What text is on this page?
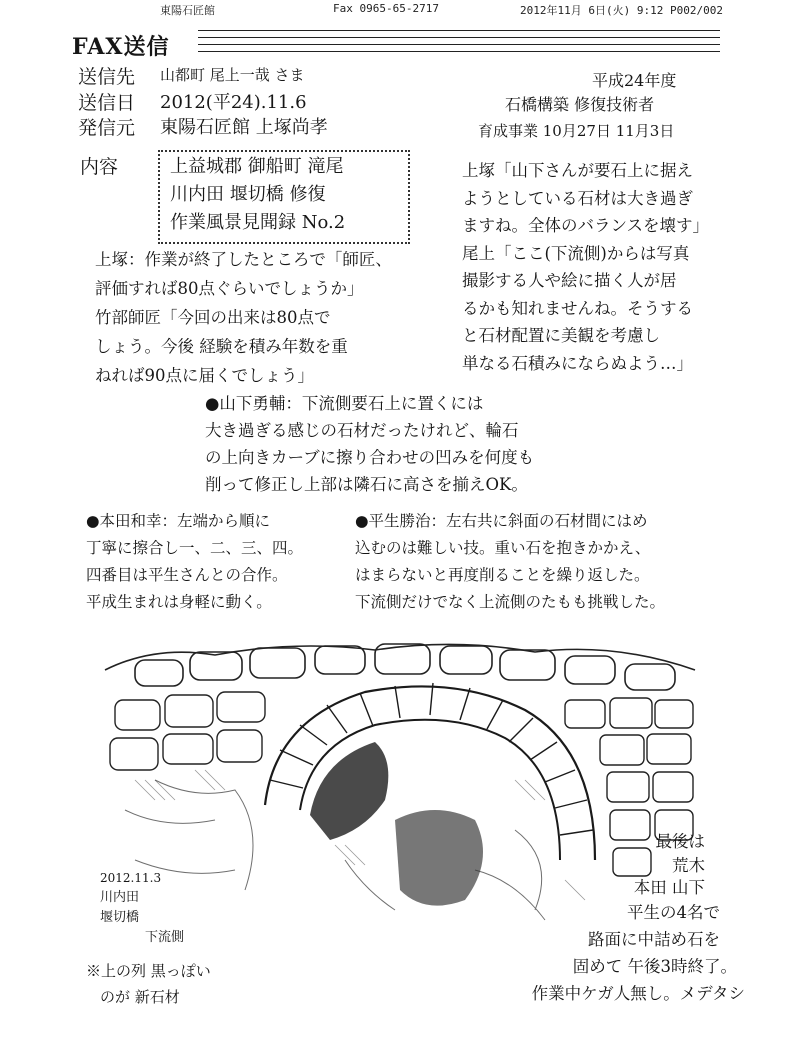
東陽石匠館	Fax 0965-65-2717	2012年11月 6日(火) 9:12 P002/002
FAX送信
送信先 山都町 尾上一哉 さま
送信日 2012(平24).11.6
発信元 東陽石匠館 上塚尚孝
平成24年度
石橋構築 修復技術者
育成事業 10月27日 11月3日
内容	上益城郡 御船町 滝尾
川内田 堰切橋 修復
作業風景見聞録 No.2
上塚：作業が終了したところで「師匠、
評価すれば80点ぐらいでしょうか」
竹部師匠「今回の出来は80点で
しょう。今後 経験を積み年数を重
ねれば90点に届くでしょう」
上塚「山下さんが要石上に据え
ようとしている石材は大き過ぎ
ますね。全体のバランスを壊す」
尾上「ここ(下流側)からは写真
撮影する人や絵に描く人が居
るかも知れませんね。そうする
と石材配置に美観を考慮し
単なる石積みにならぬよう…」
●山下勇輔：下流側要石上に置くには
大き過ぎる感じの石材だったけれど、輪石
の上向きカーブに擦り合わせの凹みを何度も
削って修正し上部は隣石に高さを揃えOK。
●本田和幸：左端から順に
丁寧に擦合し一、二、三、四。
四番目は平生さんとの合作。
平成生まれは身軽に動く。
●平生勝治：左右共に斜面の石材間にはめ
込むのは難しい技。重い石を抱きかかえ、
はまらないと再度削ることを繰り返した。
下流側だけでなく上流側のたもも挑戦した。
2012.11.3
川内田
堰切橋
下流側
※上の列 黒っぽい
のが 新石材
最後は
荒木
本田 山下
平生の4名で
路面に中詰め石を
固めて 午後3時終了。
作業中ケガ人無し。メデタシ
